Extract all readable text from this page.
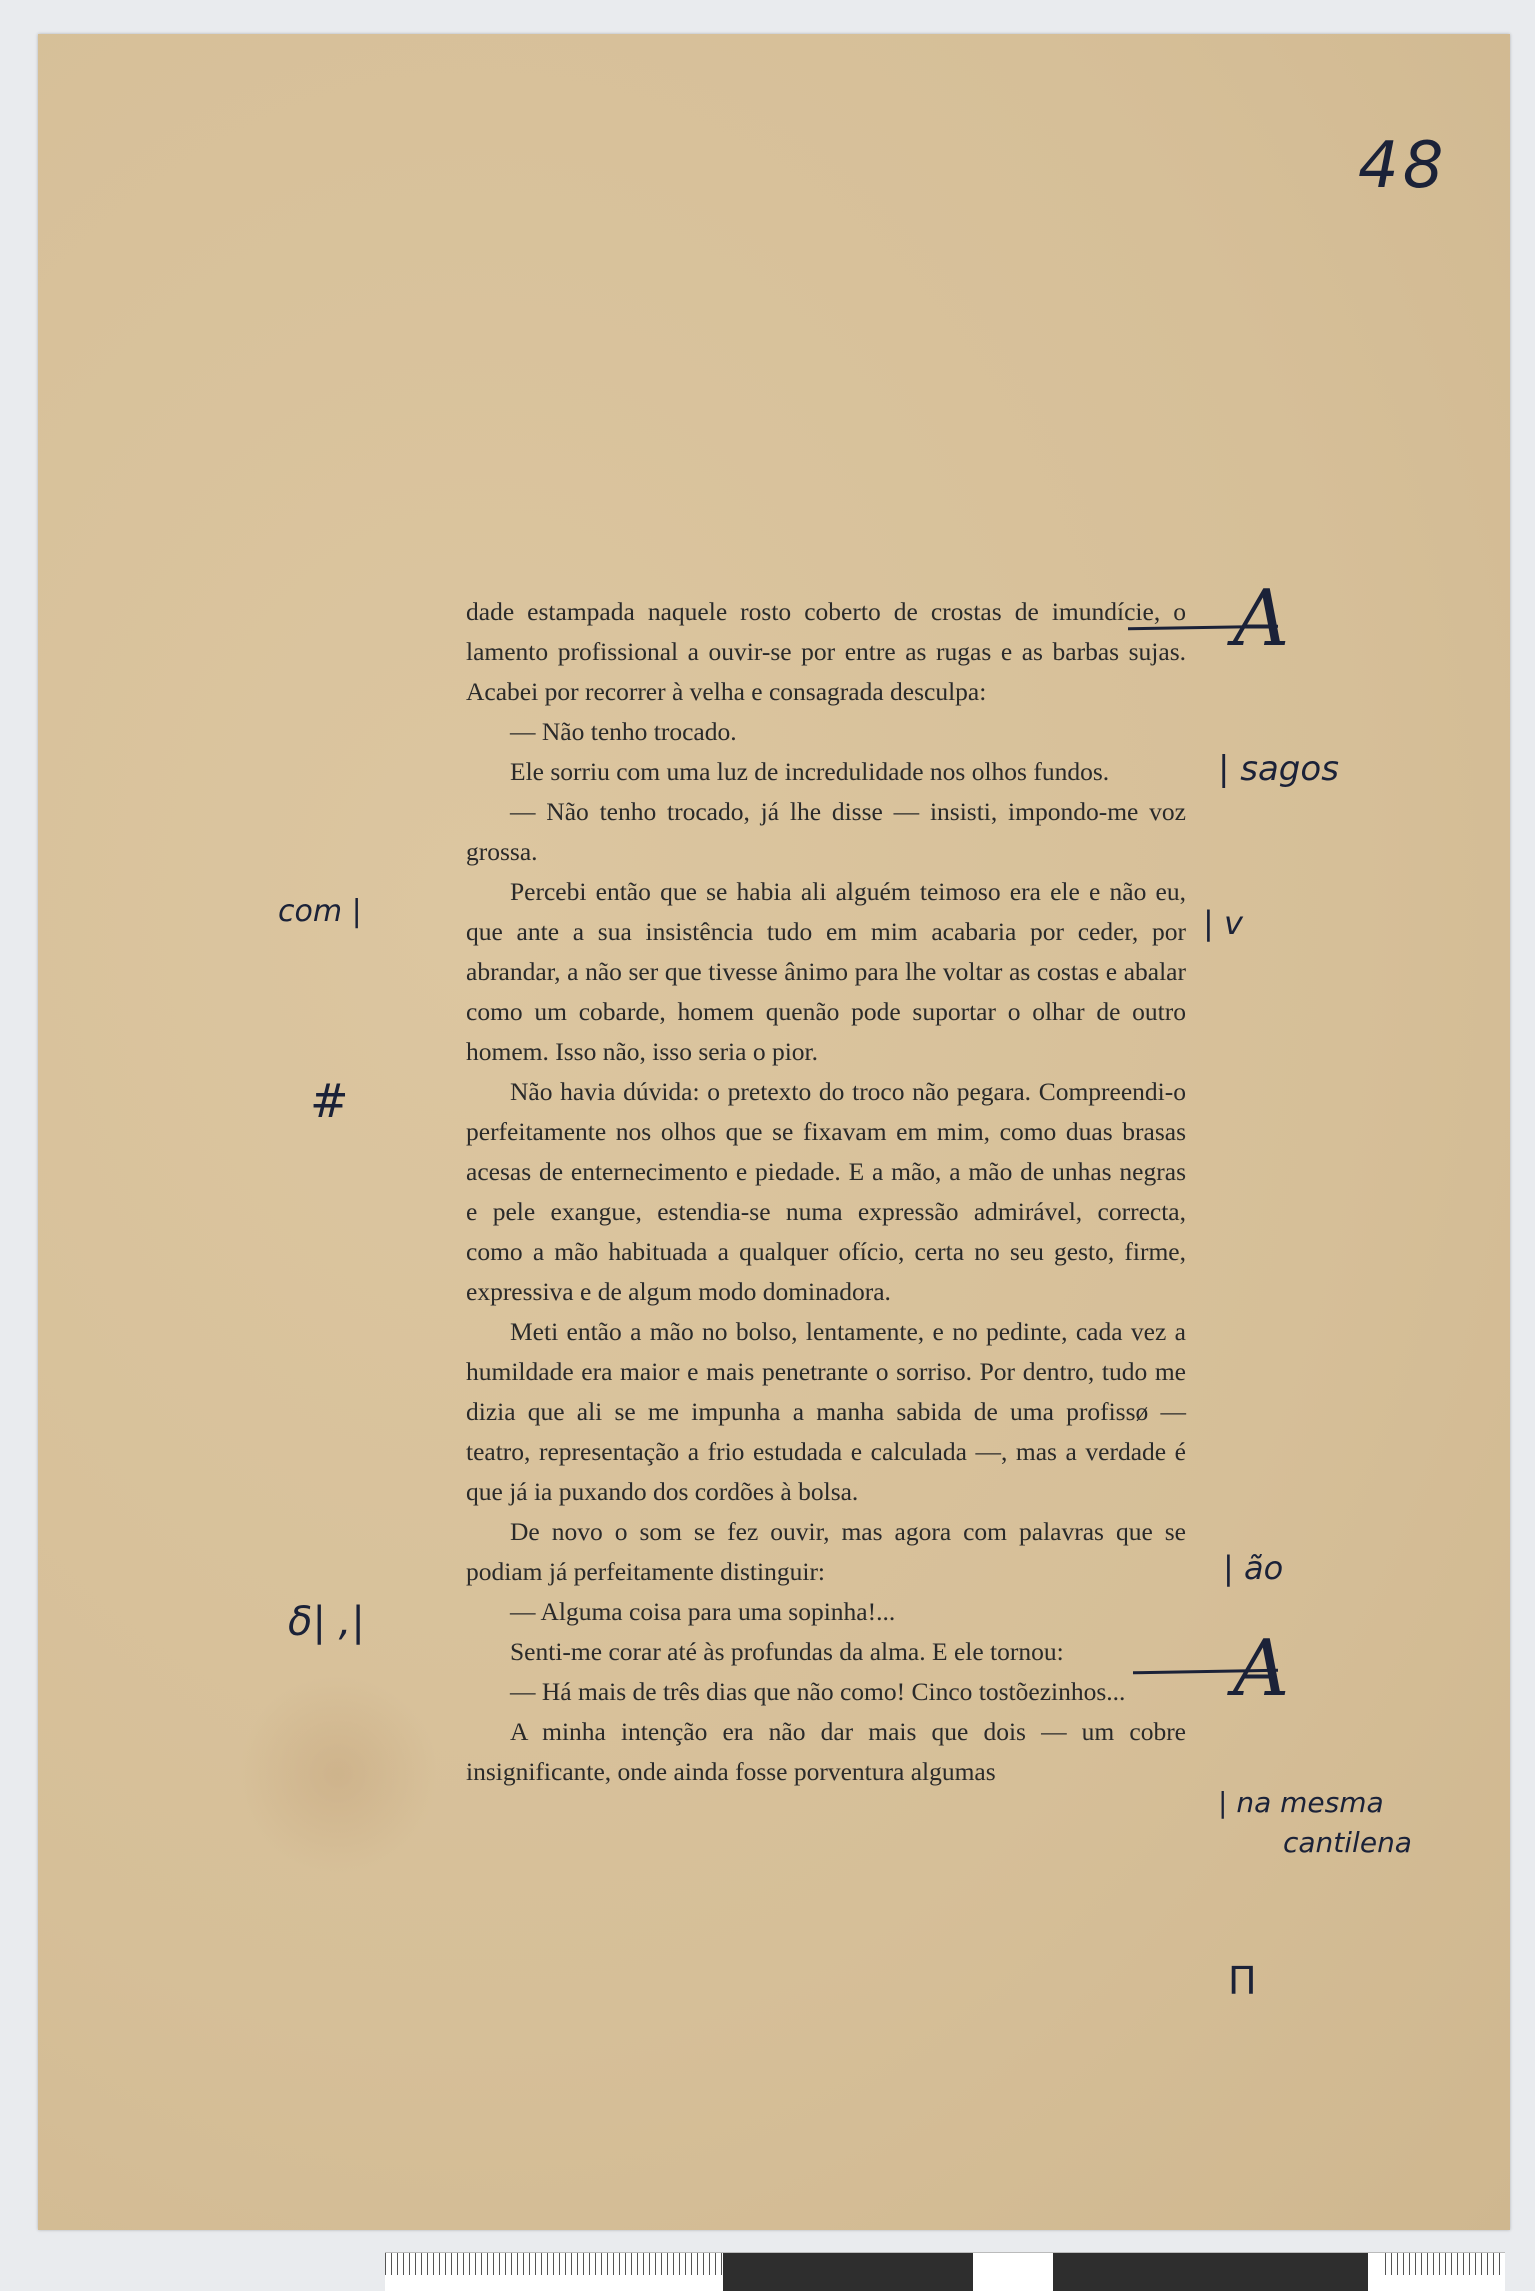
48

dade estampada naquele rosto coberto de crostas de imundície, o lamento profissional a ouvir-se por entre as rugas e as barbas sujas. Acabei por recorrer à velha e consagrada desculpa:

— Não tenho trocado.

Ele sorriu com uma luz de incredulidade nos olhos fundos.

— Não tenho trocado, já lhe disse — insisti, impondo-me voz grossa.

Percebi então que se habia ali alguém teimoso era ele e não eu, que ante a sua insistência tudo em mim acabaria por ceder, por abrandar, a não ser que tivesse ânimo para lhe voltar as costas e abalar como um cobarde, homem quenão pode suportar o olhar de outro homem. Isso não, isso seria o pior.

Não havia dúvida: o pretexto do troco não pegara. Compreendi-o perfeitamente nos olhos que se fixavam em mim, como duas brasas acesas de enternecimento e piedade. E a mão, a mão de unhas negras e pele exangue, estendia-se numa expressão admirável, correcta, como a mão habituada a qualquer ofício, certa no seu gesto, firme, expressiva e de algum modo dominadora.

Meti então a mão no bolso, lentamente, e no pedinte, cada vez a humildade era maior e mais penetrante o sorriso. Por dentro, tudo me dizia que ali se me impunha a manha sabida de uma profissø — teatro, representação a frio estudada e calculada —, mas a verdade é que já ia puxando dos cordões à bolsa.

De novo o som se fez ouvir, mas agora com palavras que se podiam já perfeitamente distinguir:

— Alguma coisa para uma sopinha!...

Senti-me corar até às profundas da alma. E ele tornou:

— Há mais de três dias que não como! Cinco tostõezinhos...

A minha intenção era não dar mais que dois — um cobre insignificante, onde ainda fosse porventura algumas

A
| sagos
com |	| v
#
δ| ,|
| ão
A
| na mesma
cantilena
Π
